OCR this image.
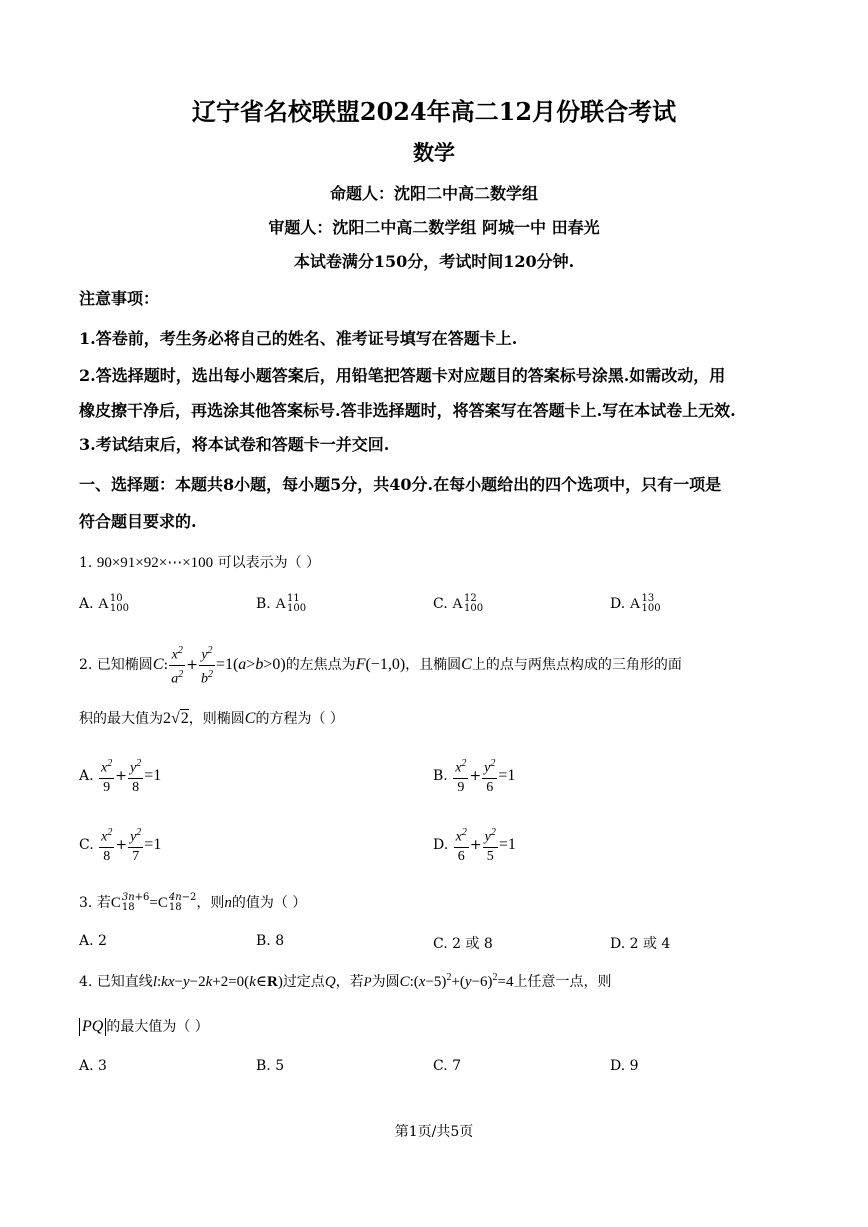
辽宁省名校联盟2024年高二12月份联合考试
数学
命题人：沈阳二中高二数学组
审题人：沈阳二中高二数学组 阿城一中 田春光
本试卷满分150分，考试时间120分钟.
注意事项：
1.答卷前，考生务必将自己的姓名、准考证号填写在答题卡上.
2.答选择题时，选出每小题答案后，用铅笔把答题卡对应题目的答案标号涂黑.如需改动，用
橡皮擦干净后，再选涂其他答案标号.答非选择题时，将答案写在答题卡上.写在本试卷上无效.
3.考试结束后，将本试卷和答题卡一并交回.
一、选择题：本题共8小题，每小题5分，共40分.在每小题给出的四个选项中，只有一项是
符合题目要求的.
1. 90×91×92×⋯×100 可以表示为（ ）
A. A 10
100	B. A 11
100	C. A 12
100	D. A 13
100
2. 已知椭圆C: $\frac{x^2}{a^2} + \frac{y^2}{b^2} =1(a>b>0)$的左焦点为F(−1,0)，且椭圆C上的点与两焦点构成的三角形的面
积的最大值为2√2，则椭圆C的方程为（ ）
A. $\frac{x^2}{9} + \frac{y^2}{8} =1$	B. $\frac{x^2}{9} + \frac{y^2}{6} =1$
C. $\frac{x^2}{8} + \frac{y^2}{7} =1$	D. $\frac{x^2}{6} + \frac{y^2}{5} =1$
3. 若C 3n+6
18 =C 4n−2
18	，则n的值为（ ）
A. 2	B. 8	C. 2 或 8	D. 2 或 4
4. 已知直线l:kx−y−2k+2=0(k∈R)过定点Q，若P为圆$C:(x-5)^2+(y-6)^2=4$上任意一点，则
PQ 的最大值为（ ）
A. 3	B. 5	C. 7	D. 9
第1页/共5页
